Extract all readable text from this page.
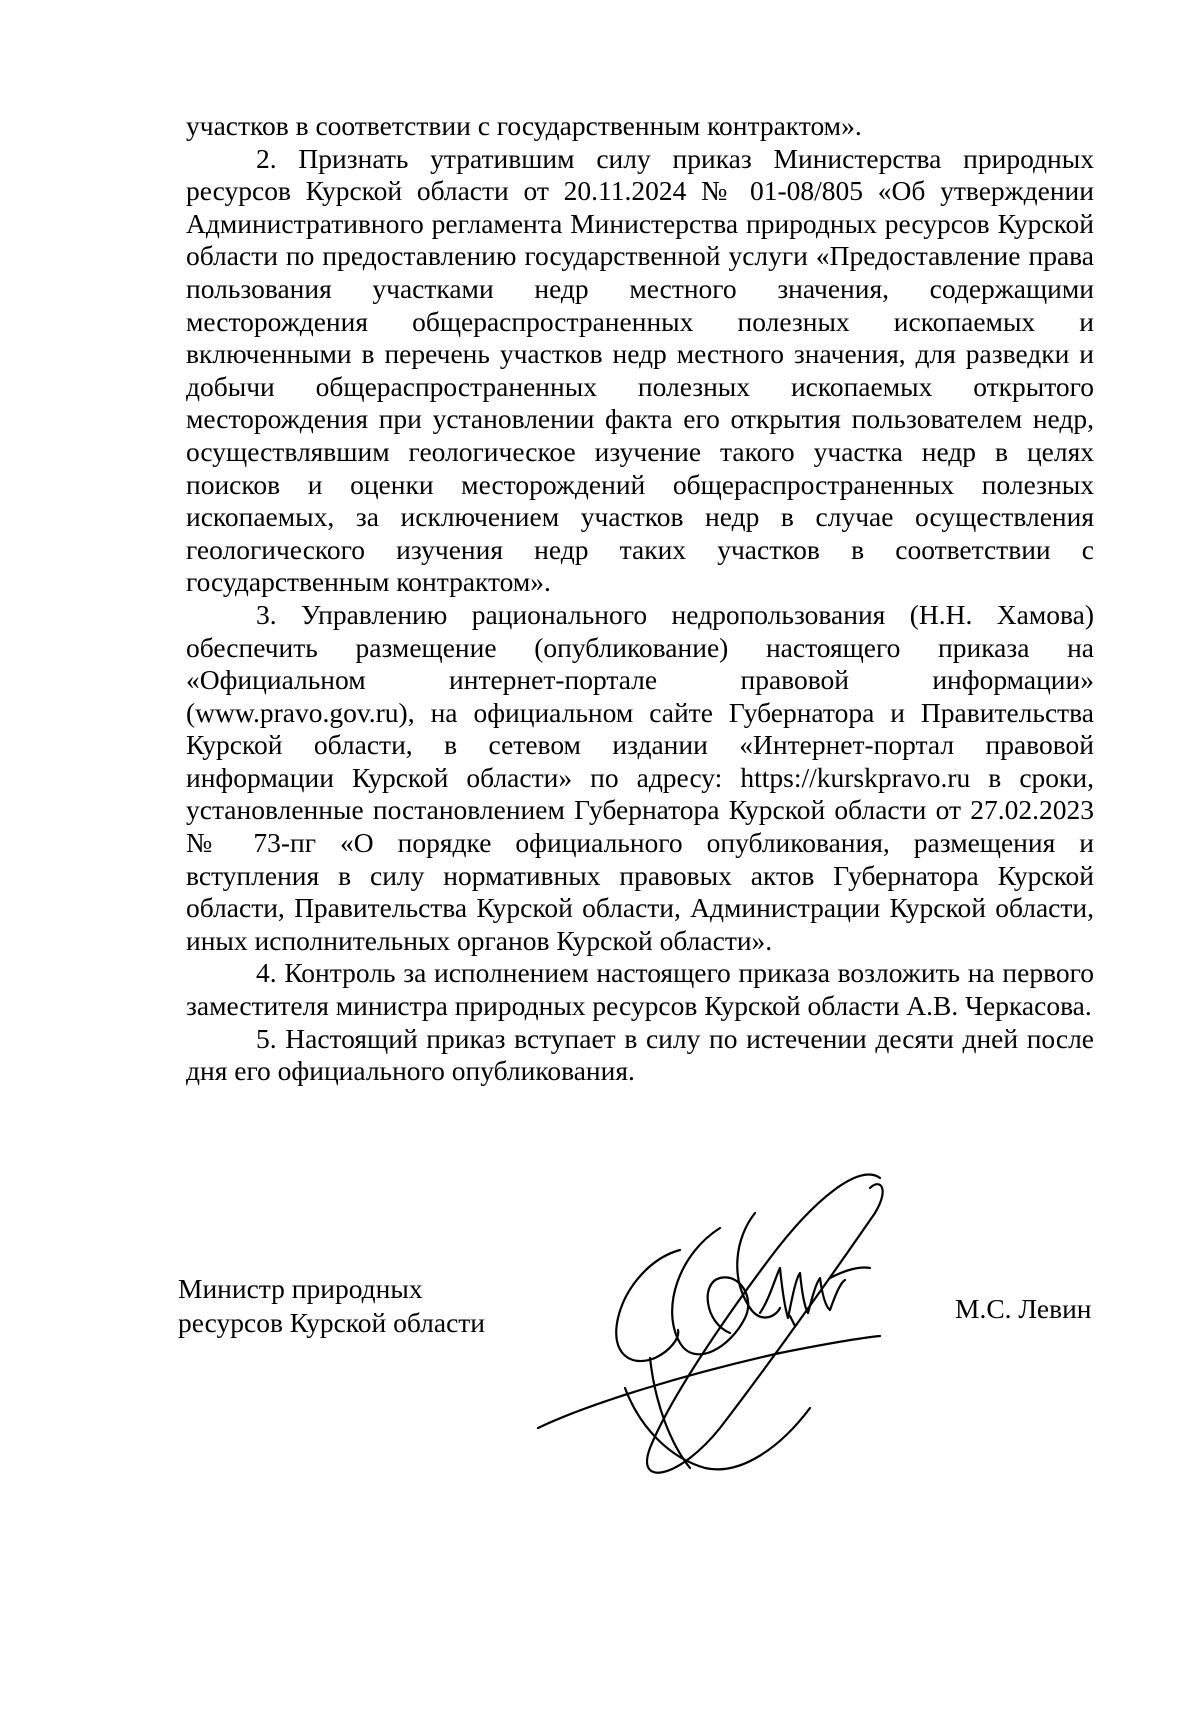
участков в соответствии с государственным контрактом».

2. Признать утратившим силу приказ Министерства природных ресурсов Курской области от 20.11.2024 № 01-08/805 «Об утверждении Административного регламента Министерства природных ресурсов Курской области по предоставлению государственной услуги «Предоставление права пользования участками недр местного значения, содержащими месторождения общераспространенных полезных ископаемых и включенными в перечень участков недр местного значения, для разведки и добычи общераспространенных полезных ископаемых открытого месторождения при установлении факта его открытия пользователем недр, осуществлявшим геологическое изучение такого участка недр в целях поисков и оценки месторождений общераспространенных полезных ископаемых, за исключением участков недр в случае осуществления геологического изучения недр таких участков в соответствии с государственным контрактом».

3. Управлению рационального недропользования (Н.Н. Хамова) обеспечить размещение (опубликование) настоящего приказа на «Официальном интернет-портале правовой информации» (www.pravo.gov.ru), на официальном сайте Губернатора и Правительства Курской области, в сетевом издании «Интернет-портал правовой информации Курской области» по адресу: https://kurskpravo.ru в сроки, установленные постановлением Губернатора Курской области от 27.02.2023 № 73-пг «О порядке официального опубликования, размещения и вступления в силу нормативных правовых актов Губернатора Курской области, Правительства Курской области, Администрации Курской области, иных исполнительных органов Курской области».

4. Контроль за исполнением настоящего приказа возложить на первого заместителя министра природных ресурсов Курской области А.В. Черкасова.

5. Настоящий приказ вступает в силу по истечении десяти дней после дня его официального опубликования.

Министр природных
ресурсов Курской области	М.С. Левин
